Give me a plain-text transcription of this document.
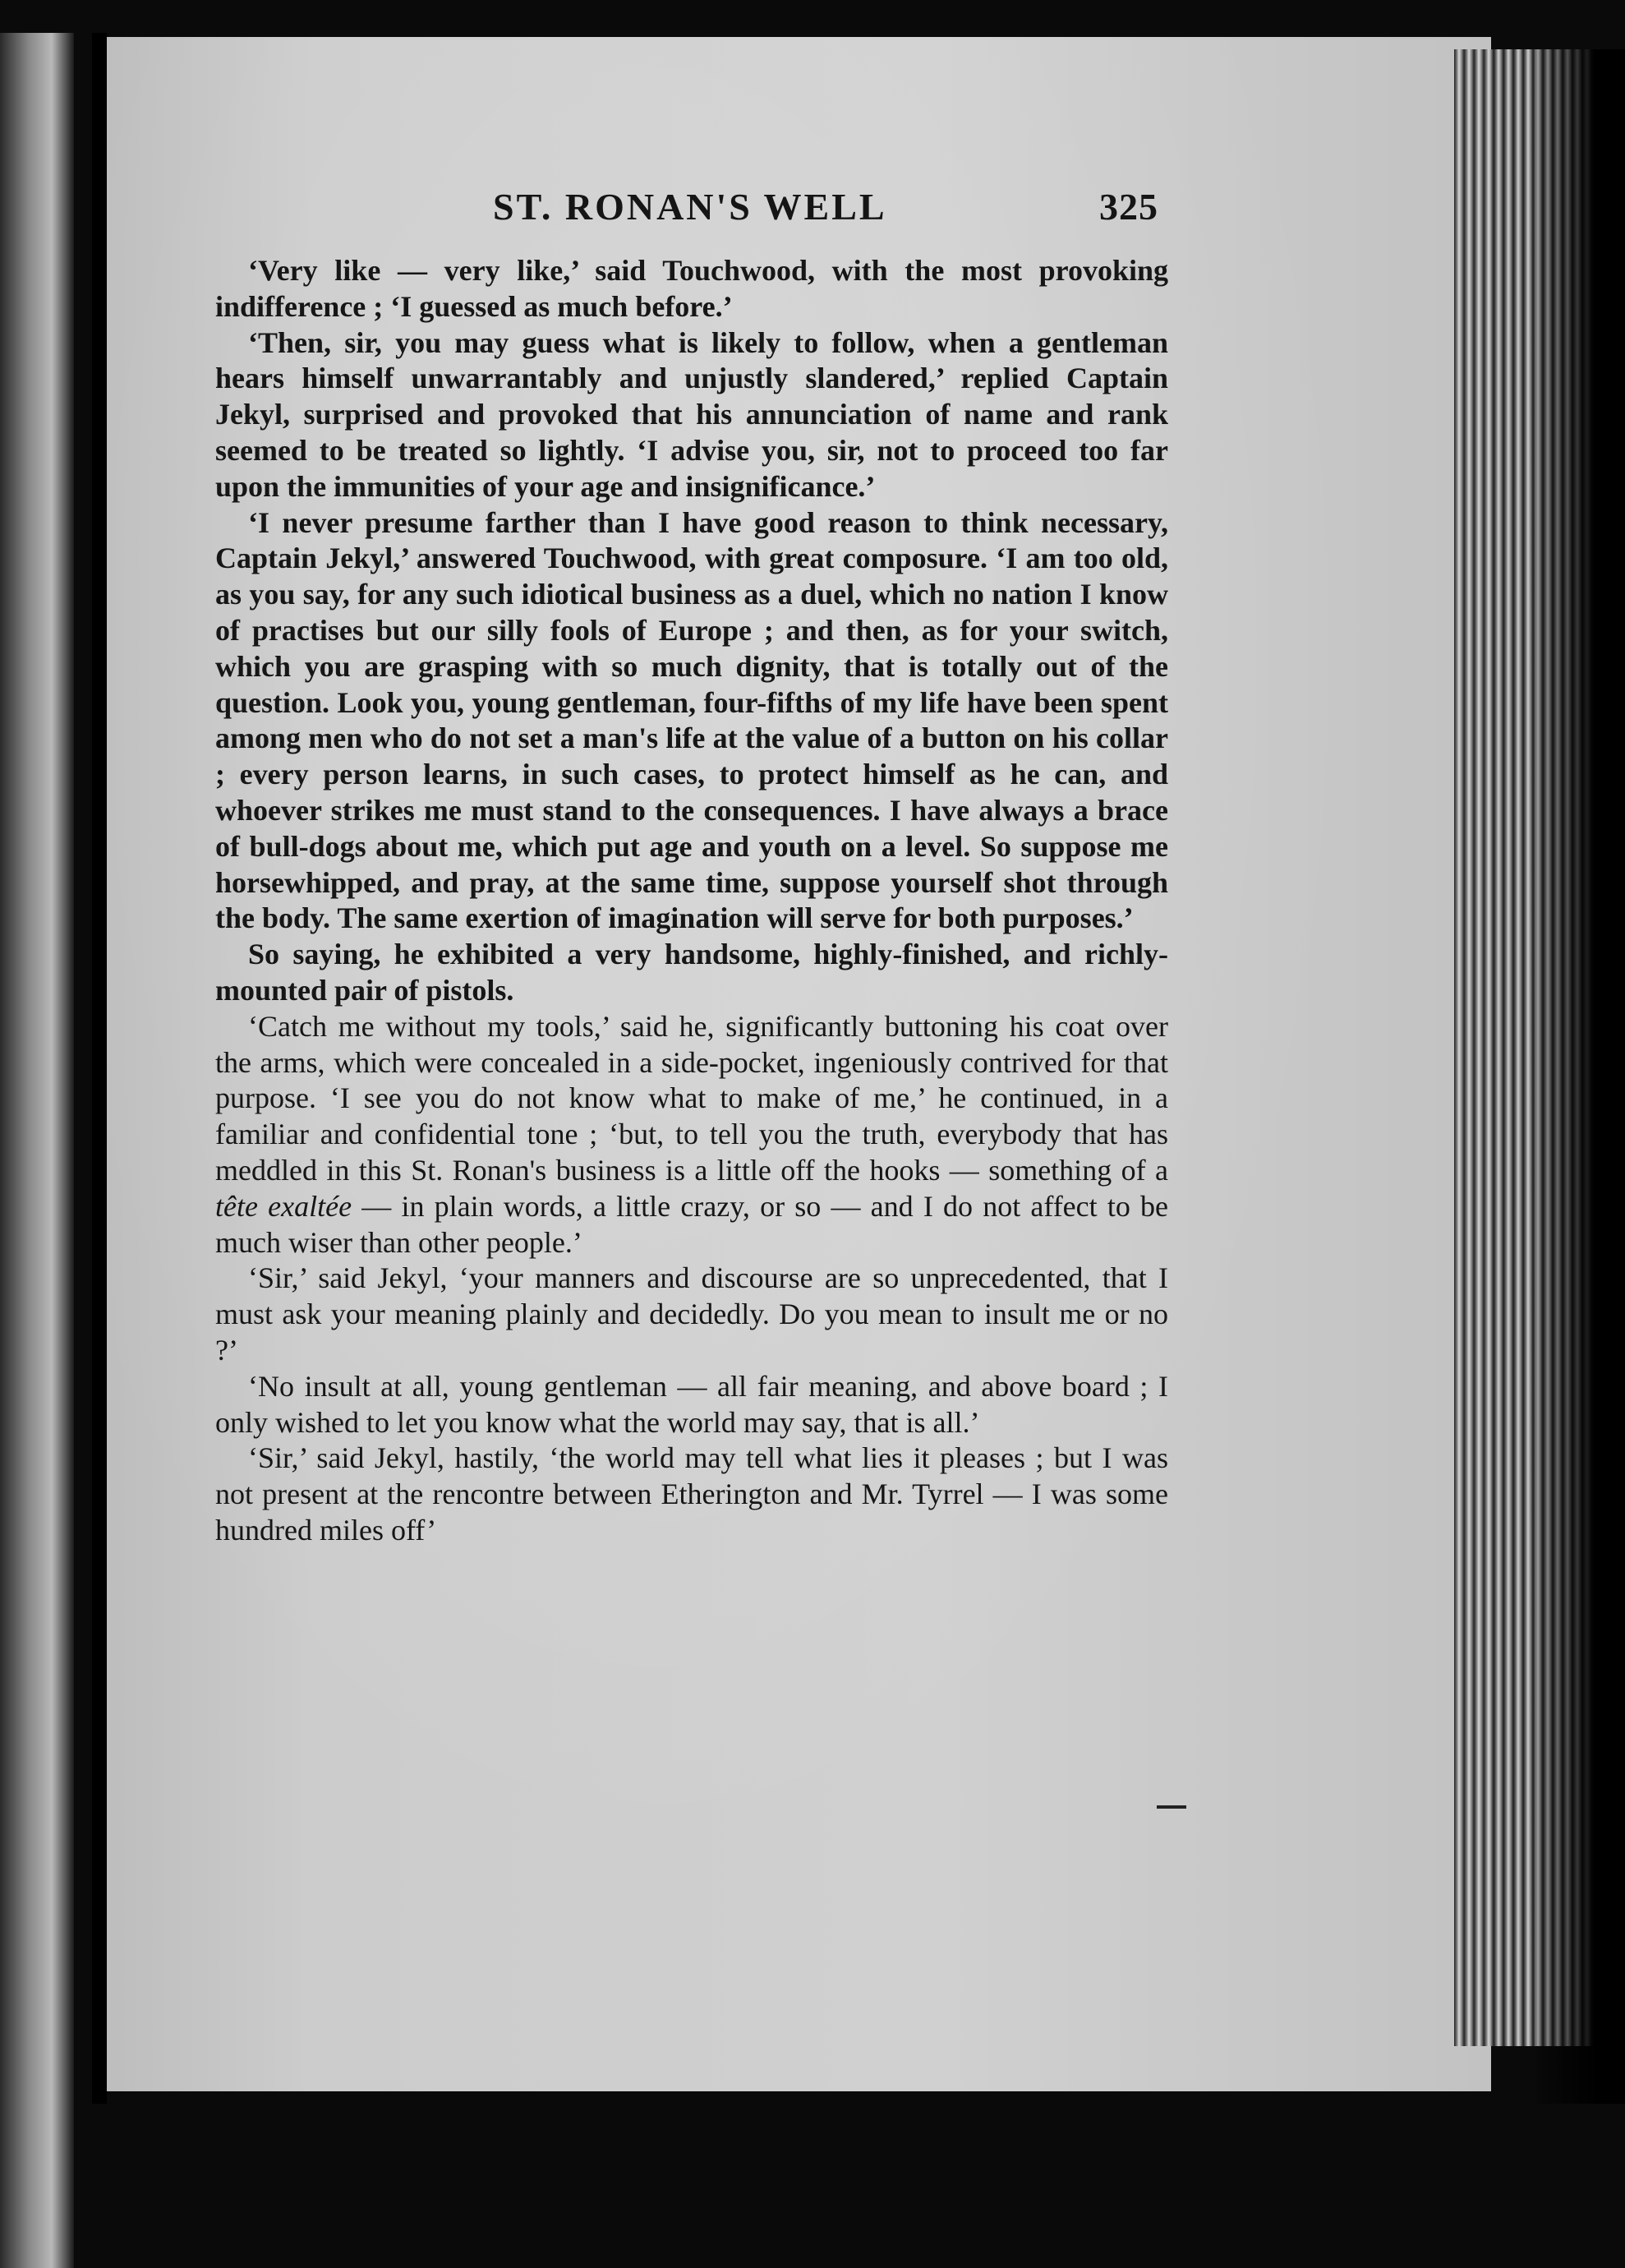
ST. RONAN'S WELL	325

‘Very like — very like,’ said Touchwood, with the most provoking indifference ; ‘I guessed as much before.’

‘Then, sir, you may guess what is likely to follow, when a gentleman hears himself unwarrantably and unjustly slandered,’ replied Captain Jekyl, surprised and provoked that his annunciation of name and rank seemed to be treated so lightly. ‘I advise you, sir, not to proceed too far upon the immunities of your age and insignificance.’

‘I never presume farther than I have good reason to think necessary, Captain Jekyl,’ answered Touchwood, with great composure. ‘I am too old, as you say, for any such idiotical business as a duel, which no nation I know of practises but our silly fools of Europe ; and then, as for your switch, which you are grasping with so much dignity, that is totally out of the question. Look you, young gentleman, four-fifths of my life have been spent among men who do not set a man's life at the value of a button on his collar ; every person learns, in such cases, to protect himself as he can, and whoever strikes me must stand to the consequences. I have always a brace of bull-dogs about me, which put age and youth on a level. So suppose me horsewhipped, and pray, at the same time, suppose yourself shot through the body. The same exertion of imagination will serve for both purposes.’

So saying, he exhibited a very handsome, highly-finished, and richly-mounted pair of pistols.

‘Catch me without my tools,’ said he, significantly buttoning his coat over the arms, which were concealed in a side-pocket, ingeniously contrived for that purpose. ‘I see you do not know what to make of me,’ he continued, in a familiar and confidential tone ; ‘but, to tell you the truth, everybody that has meddled in this St. Ronan's business is a little off the hooks — something of a tête exaltée — in plain words, a little crazy, or so — and I do not affect to be much wiser than other people.’

‘Sir,’ said Jekyl, ‘your manners and discourse are so unprecedented, that I must ask your meaning plainly and decidedly. Do you mean to insult me or no ?’

‘No insult at all, young gentleman — all fair meaning, and above board ; I only wished to let you know what the world may say, that is all.’

‘Sir,’ said Jekyl, hastily, ‘the world may tell what lies it pleases ; but I was not present at the rencontre between Etherington and Mr. Tyrrel — I was some hundred miles off’
